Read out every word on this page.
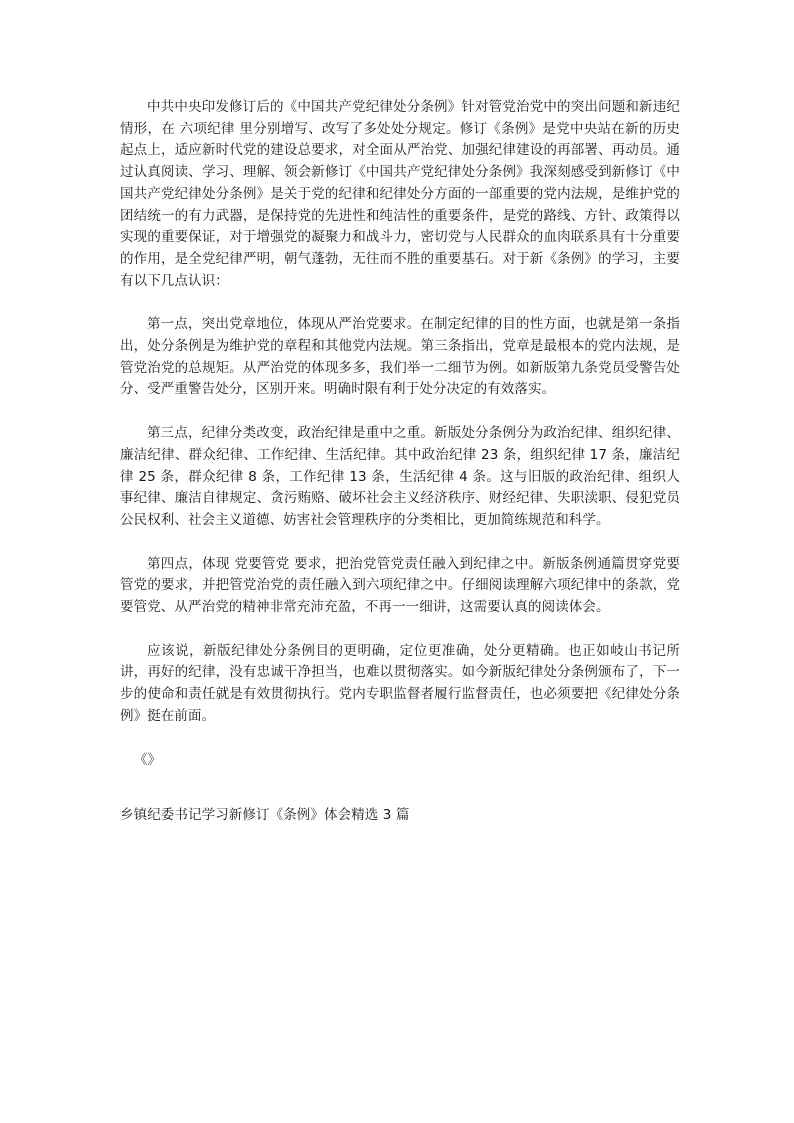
中共中央印发修订后的《中国共产党纪律处分条例》针对管党治党中的突出问题和新违纪情形，在 六项纪律 里分别增写、改写了多处处分规定。修订《条例》是党中央站在新的历史起点上，适应新时代党的建设总要求，对全面从严治党、加强纪律建设的再部署、再动员。通过认真阅读、学习、理解、领会新修订《中国共产党纪律处分条例》我深刻感受到新修订《中国共产党纪律处分条例》是关于党的纪律和纪律处分方面的一部重要的党内法规，是维护党的团结统一的有力武器，是保持党的先进性和纯洁性的重要条件，是党的路线、方针、政策得以实现的重要保证，对于增强党的凝聚力和战斗力，密切党与人民群众的血肉联系具有十分重要的作用，是全党纪律严明，朝气蓬勃，无往而不胜的重要基石。对于新《条例》的学习，主要有以下几点认识：

第一点，突出党章地位，体现从严治党要求。在制定纪律的目的性方面，也就是第一条指出，处分条例是为维护党的章程和其他党内法规。第三条指出，党章是最根本的党内法规，是管党治党的总规矩。从严治党的体现多多，我们举一二细节为例。如新版第九条党员受警告处分、受严重警告处分，区别开来。明确时限有利于处分决定的有效落实。

第三点，纪律分类改变，政治纪律是重中之重。新版处分条例分为政治纪律、组织纪律、廉洁纪律、群众纪律、工作纪律、生活纪律。其中政治纪律 23 条，组织纪律 17 条，廉洁纪律 25 条，群众纪律 8 条，工作纪律 13 条，生活纪律 4 条。这与旧版的政治纪律、组织人事纪律、廉洁自律规定、贪污贿赂、破坏社会主义经济秩序、财经纪律、失职渎职、侵犯党员公民权利、社会主义道德、妨害社会管理秩序的分类相比，更加简练规范和科学。

第四点，体现 党要管党 要求，把治党管党责任融入到纪律之中。新版条例通篇贯穿党要管党的要求，并把管党治党的责任融入到六项纪律之中。仔细阅读理解六项纪律中的条款，党要管党、从严治党的精神非常充沛充盈，不再一一细讲，这需要认真的阅读体会。

应该说，新版纪律处分条例目的更明确，定位更准确，处分更精确。也正如岐山书记所讲，再好的纪律，没有忠诚干净担当，也难以贯彻落实。如今新版纪律处分条例颁布了，下一步的使命和责任就是有效贯彻执行。党内专职监督者履行监督责任，也必须要把《纪律处分条例》挺在前面。

《》

乡镇纪委书记学习新修订《条例》体会精选 3 篇
